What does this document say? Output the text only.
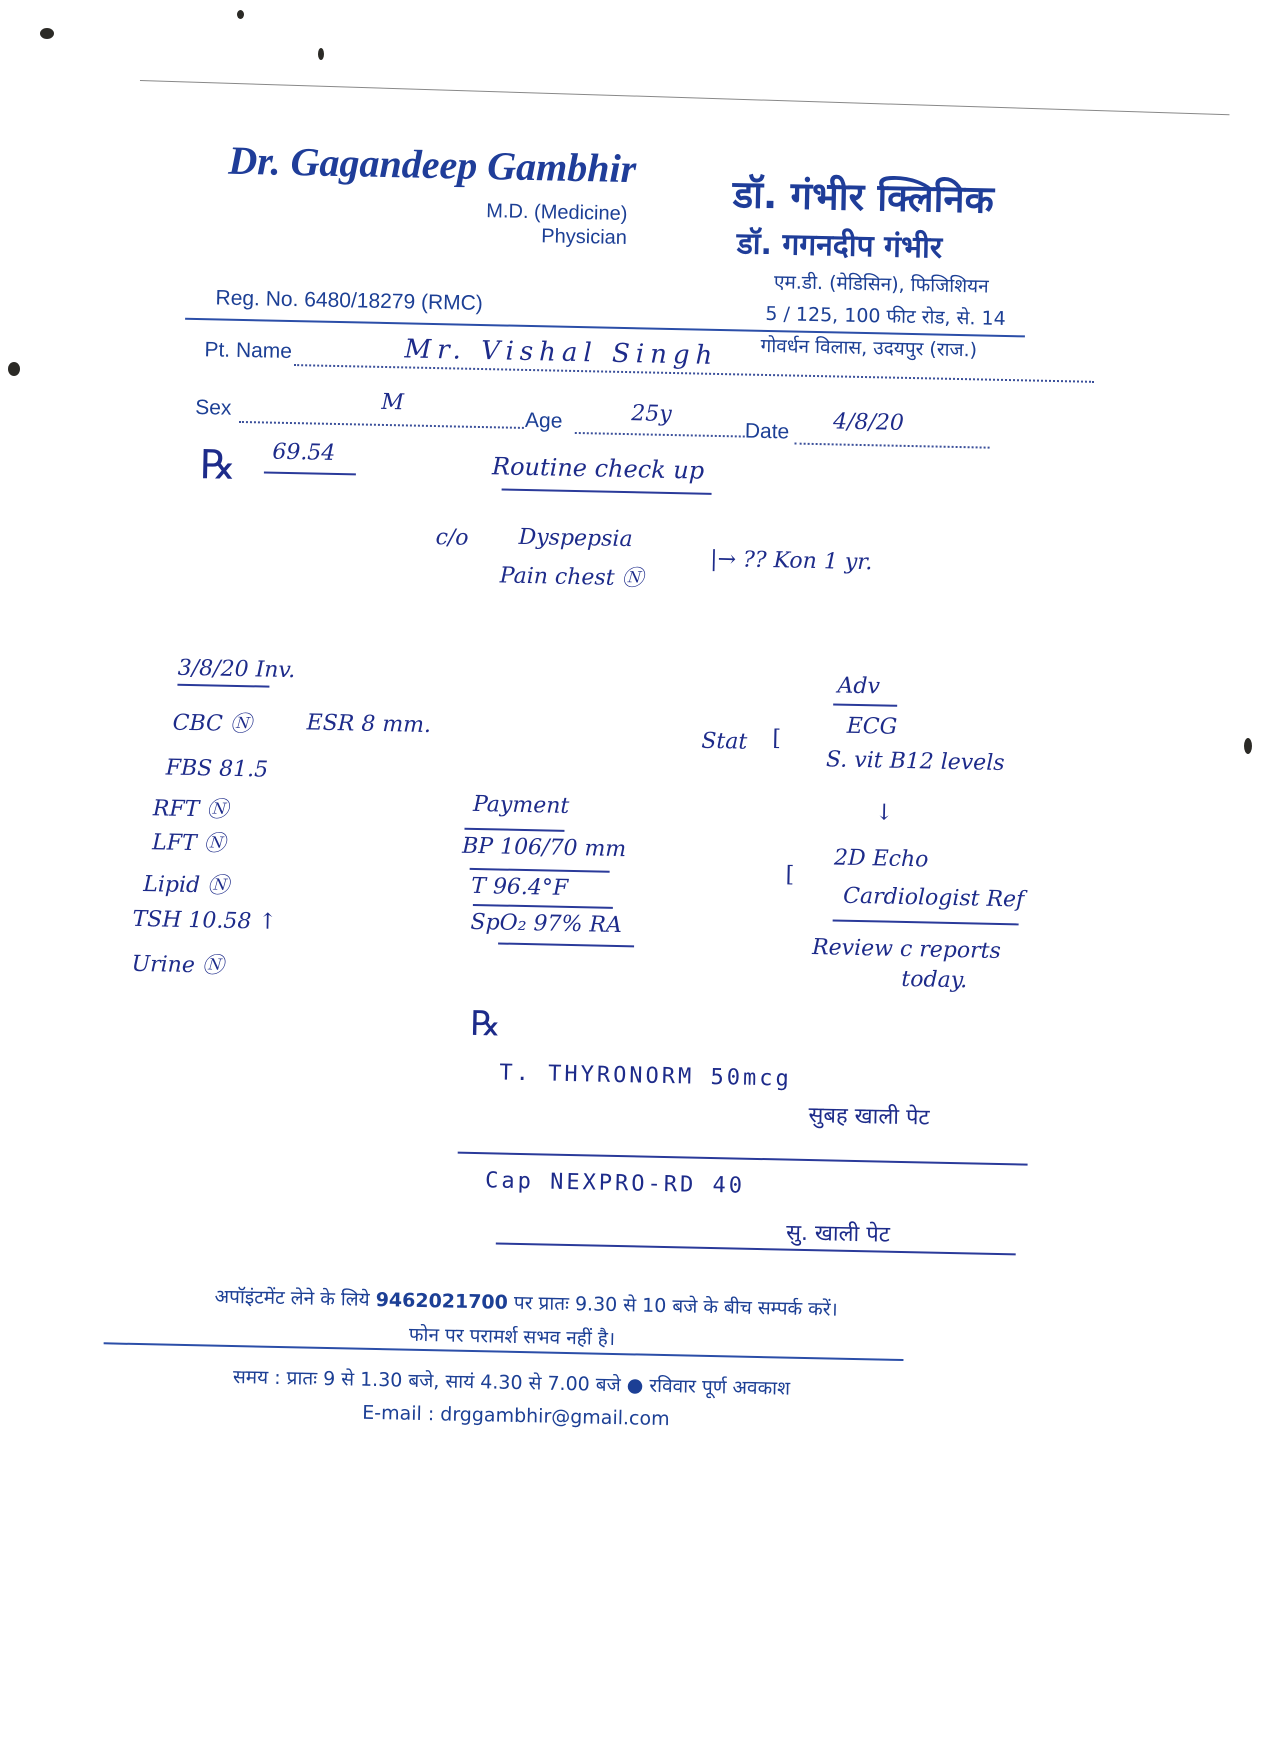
Dr. Gagandeep Gambhir
M.D. (Medicine)
Physician
डॉ. गंभीर क्लिनिक
डॉ. गगनदीप गंभीर
एम.डी. (मेडिसिन), फिजिशियन
5 / 125, 100 फीट रोड, से. 14
गोवर्धन विलास, उदयपुर (राज.)
Reg. No. 6480/18279 (RMC)
Pt. Name	Mr. Vishal Singh
Sex	M
Age	25y
Date 4/8/20
℞ 69.54	Routine check up
c/o Dyspepsia
Pain chest Ⓝ
|→ ?? Kon 1 yr.
3/8/20 Inv.
CBC Ⓝ ESR 8 mm.
FBS 81.5
RFT Ⓝ
LFT Ⓝ
Lipid Ⓝ
TSH 10.58 ↑
Urine Ⓝ
Payment
BP 106/70 mm
T 96.4°F
SpO₂ 97% RA
Adv
Stat [	ECG
S. vit B12 levels
↓
2D Echo
[
Cardiologist Ref
Review c reports
today.
℞
T. THYRONORM 50mcg
सुबह खाली पेट
Cap NEXPRO-RD 40
सु. खाली पेट
अपॉइंटमेंट लेने के लिये 9462021700 पर प्रातः 9.30 से 10 बजे के बीच सम्पर्क करें।
फोन पर परामर्श सभव नहीं है।
समय : प्रातः 9 से 1.30 बजे, सायं 4.30 से 7.00 बजे ● रविवार पूर्ण अवकाश
E-mail : drggambhir@gmail.com
